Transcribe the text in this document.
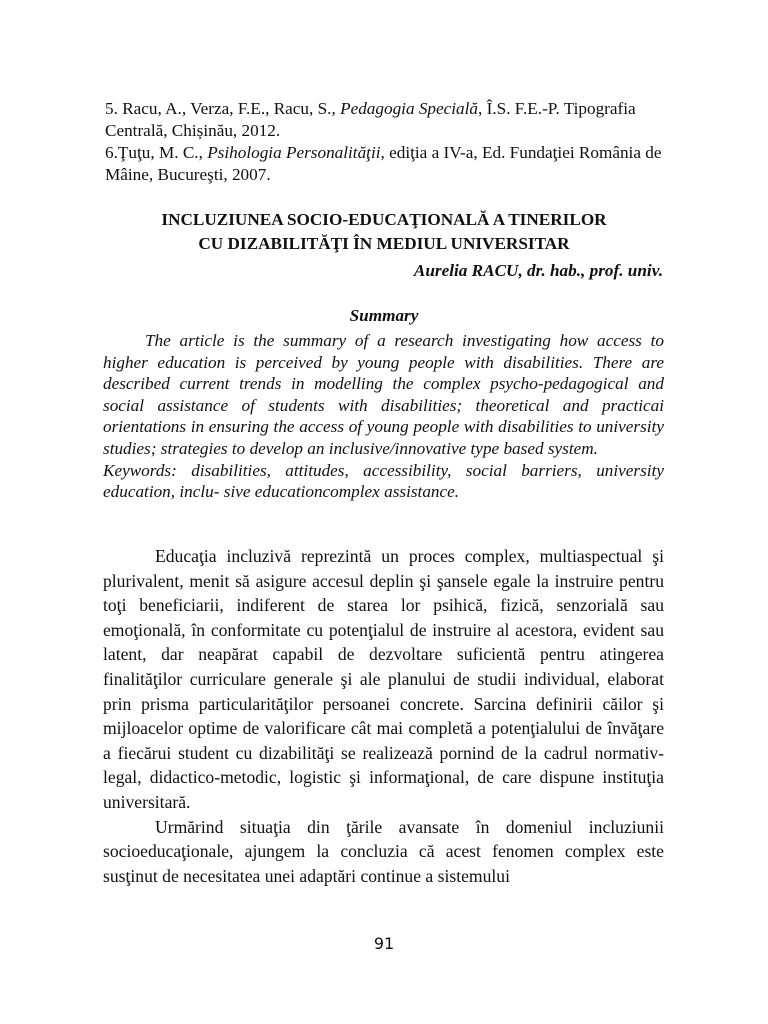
5. Racu, A., Verza, F.E., Racu, S., Pedagogia Specială, Î.S. F.E.-P. Tipografia Centrală, Chișinău, 2012.

6.Ţuţu, M. C., Psihologia Personalităţii, ediţia a IV-a, Ed. Fundaţiei România de Mâine, Bucureşti, 2007.

INCLUZIUNEA SOCIO-EDUCAŢIONALĂ A TINERILOR
CU DIZABILITĂŢI ÎN MEDIUL UNIVERSITAR
Aurelia RACU, dr. hab., prof. univ.
Summary

The article is the summary of a research investigating how access to higher education is perceived by young people with disabilities. There are described current trends in modelling the complex psycho-pedagogical and social assistance of students with disabilities; theoretical and practicai orientations in ensuring the access of young people with disabilities to university studies; strategies to develop an inclusive/innovative type based system.

Keywords: disabilities, attitudes, accessibility, social barriers, university education, inclu- sive educationcomplex assistance.

Educaţia incluzivă reprezintă un proces complex, multiaspectual şi plurivalent, menit să asigure accesul deplin şi şansele egale la instruire pentru toţi beneficiarii, indiferent de starea lor psihică, fizică, senzorială sau emoţională, în conformitate cu potenţialul de instruire al acestora, evident sau latent, dar neapărat capabil de dezvoltare suficientă pentru atingerea finalităţilor curriculare generale şi ale planului de studii individual, elaborat prin prisma particularităţilor persoanei concrete. Sarcina definirii căilor şi mijloacelor optime de valorificare cât mai completă a potenţialului de învăţare a fiecărui student cu dizabilităţi se realizează pornind de la cadrul normativ-legal, didactico-metodic, logistic şi informaţional, de care dispune instituţia universitară.

Urmărind situaţia din ţările avansate în domeniul incluziunii socioeducaţionale, ajungem la concluzia că acest fenomen complex este susţinut de necesitatea unei adaptări continue a sistemului

91
